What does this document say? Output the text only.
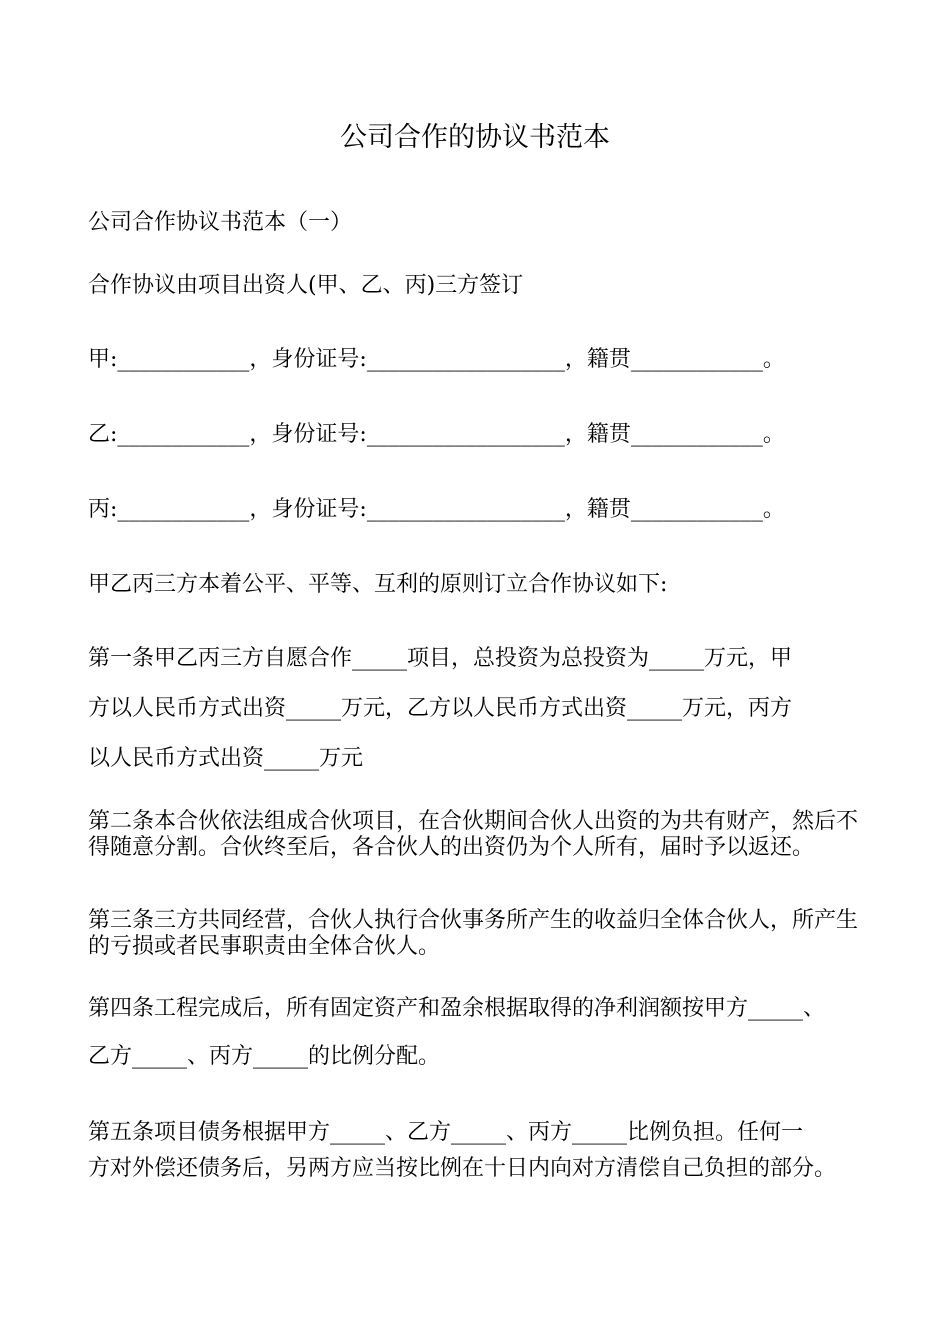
公司合作的协议书范本

公司合作协议书范本（一）

合作协议由项目出资人(甲、乙、丙)三方签订

甲:____________，身份证号:__________________，籍贯____________。

乙:____________，身份证号:__________________，籍贯____________。

丙:____________，身份证号:__________________，籍贯____________。

甲乙丙三方本着公平、平等、互利的原则订立合作协议如下:

第一条甲乙丙三方自愿合作_____项目，总投资为总投资为_____万元，甲

方以人民币方式出资_____万元，乙方以人民币方式出资_____万元，丙方

以人民币方式出资_____万元

第二条本合伙依法组成合伙项目，在合伙期间合伙人出资的为共有财产，然后不得随意分割。合伙终至后，各合伙人的出资仍为个人所有，届时予以返还。

第三条三方共同经营，合伙人执行合伙事务所产生的收益归全体合伙人，所产生的亏损或者民事职责由全体合伙人。

第四条工程完成后，所有固定资产和盈余根据取得的净利润额按甲方_____、

乙方_____、丙方_____的比例分配。

第五条项目债务根据甲方_____、乙方_____、丙方_____比例负担。任何一

方对外偿还债务后，另两方应当按比例在十日内向对方清偿自己负担的部分。
